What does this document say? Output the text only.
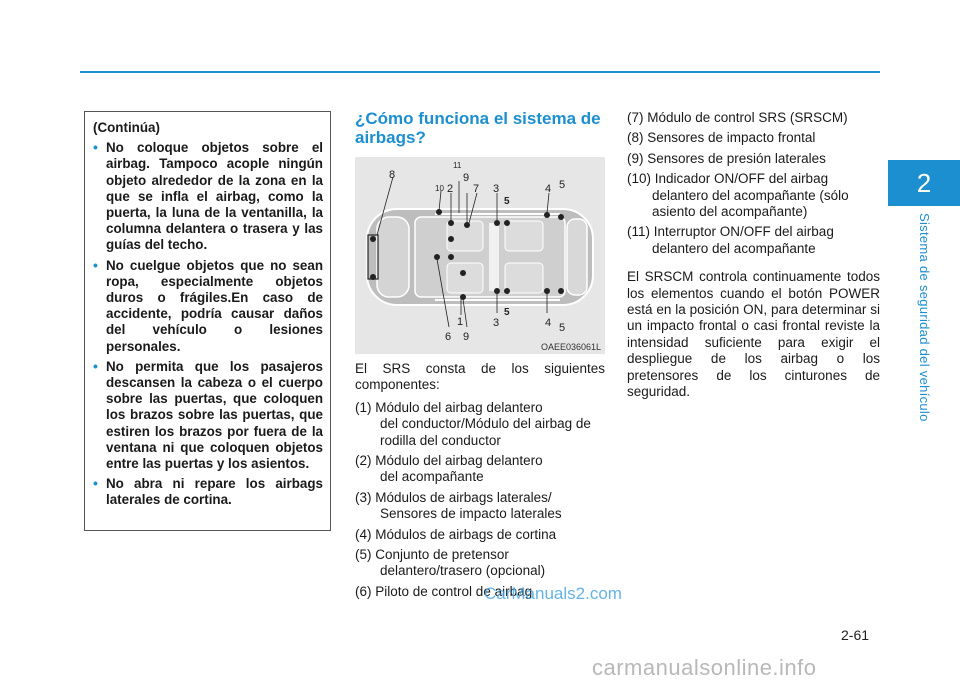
2
Sistema de seguridad del vehículo
(Continúa)
• No coloque objetos sobre el airbag. Tampoco acople ningún objeto alrededor de la zona en la que se infla el airbag, como la puerta, la luna de la ventanilla, la columna delantera o trasera y las guías del techo.
• No cuelgue objetos que no sean ropa, especialmente objetos duros o frágiles.En caso de accidente, podría causar daños del vehículo o lesiones personales.
• No permita que los pasajeros descansen la cabeza o el cuerpo sobre las puertas, que coloquen los brazos sobre las puertas, que estiren los brazos por fuera de la ventana ni que coloquen objetos entre las puertas y los asientos.
• No abra ni repare los airbags laterales de cortina.
¿Cómo funciona el sistema de airbags?
8
11
10 2
9
7 3
5
4 5
1
6 9
3
5
4 5
OAEE036061L
El SRS consta de los siguientes componentes:
(1) Módulo del airbag delantero
del conductor/Módulo del airbag de rodilla del conductor
(2) Módulo del airbag delantero
del acompañante
(3) Módulos de airbags laterales/
Sensores de impacto laterales
(4) Módulos de airbags de cortina
(5) Conjunto de pretensor
delantero/trasero (opcional)
(6) Piloto de control de airbag
(7) Módulo de control SRS (SRSCM)
(8) Sensores de impacto frontal
(9) Sensores de presión laterales
(10) Indicador ON/OFF del airbag
delantero del acompañante (sólo asiento del acompañante)
(11) Interruptor ON/OFF del airbag
delantero del acompañante
El SRSCM controla continuamente todos los elementos cuando el botón POWER está en la posición ON, para determinar si un impacto frontal o casi frontal reviste la intensidad suficiente para exigir el despliegue de los airbag o los pretensores de los cinturones de seguridad.
CarManuals2.com
2-61
carmanualsonline.info
